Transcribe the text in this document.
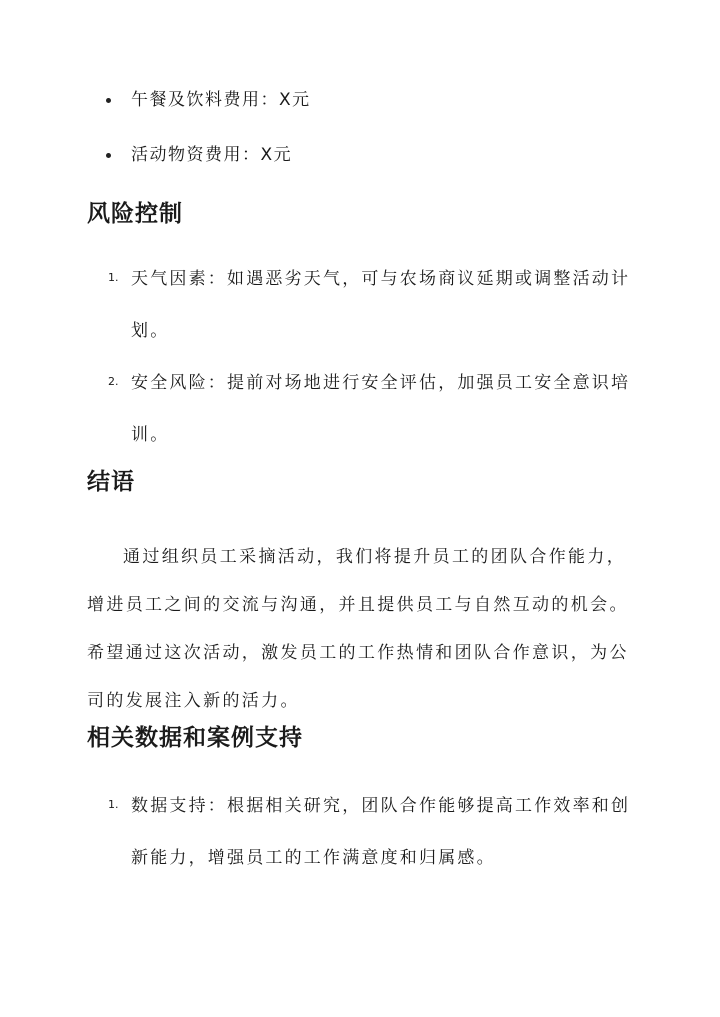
午餐及饮料费用：X元
活动物资费用：X元
风险控制
1. 天气因素：如遇恶劣天气，可与农场商议延期或调整活动计划。
2. 安全风险：提前对场地进行安全评估，加强员工安全意识培训。
结语
通过组织员工采摘活动，我们将提升员工的团队合作能力，增进员工之间的交流与沟通，并且提供员工与自然互动的机会。希望通过这次活动，激发员工的工作热情和团队合作意识，为公司的发展注入新的活力。
相关数据和案例支持
1. 数据支持：根据相关研究，团队合作能够提高工作效率和创新能力，增强员工的工作满意度和归属感。
